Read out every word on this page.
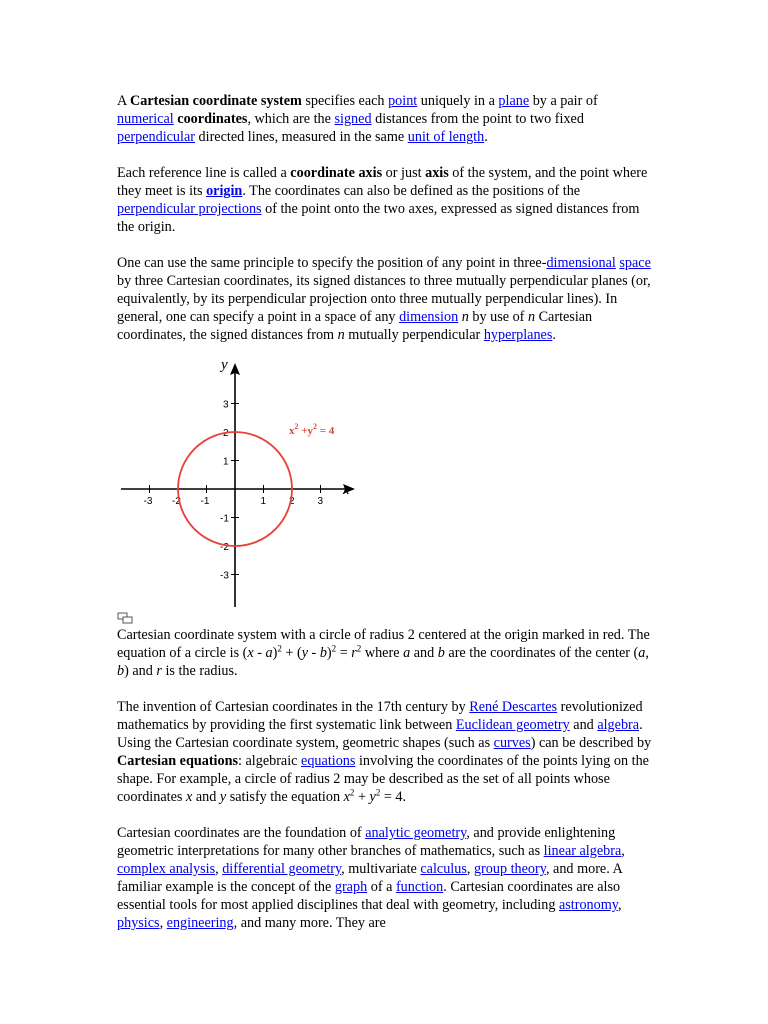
A Cartesian coordinate system specifies each point uniquely in a plane by a pair of numerical coordinates, which are the signed distances from the point to two fixed perpendicular directed lines, measured in the same unit of length.

Each reference line is called a coordinate axis or just axis of the system, and the point where they meet is its origin. The coordinates can also be defined as the positions of the perpendicular projections of the point onto the two axes, expressed as signed distances from the origin.

One can use the same principle to specify the position of any point in three-dimensional space by three Cartesian coordinates, its signed distances to three mutually perpendicular planes (or, equivalently, by its perpendicular projection onto three mutually perpendicular lines). In general, one can specify a point in a space of any dimension n by use of n Cartesian coordinates, the signed distances from n mutually perpendicular hyperplanes.

-3 -2 -1	1 2 3
3
2
1
-1
-2
-3
x
y
$x^2 +y^2 = 4$

Cartesian coordinate system with a circle of radius 2 centered at the origin marked in red. The equation of a circle is $(x - a)^2 + (y - b)^2 = r^2$ where a and b are the coordinates of the center (a, b) and r is the radius.

The invention of Cartesian coordinates in the 17th century by René Descartes revolutionized mathematics by providing the first systematic link between Euclidean geometry and algebra. Using the Cartesian coordinate system, geometric shapes (such as curves) can be described by Cartesian equations: algebraic equations involving the coordinates of the points lying on the shape. For example, a circle of radius 2 may be described as the set of all points whose coordinates x and y satisfy the equation $x^2 + y^2 = 4$.

Cartesian coordinates are the foundation of analytic geometry, and provide enlightening geometric interpretations for many other branches of mathematics, such as linear algebra, complex analysis, differential geometry, multivariate calculus, group theory, and more. A familiar example is the concept of the graph of a function. Cartesian coordinates are also essential tools for most applied disciplines that deal with geometry, including astronomy, physics, engineering, and many more. They are
